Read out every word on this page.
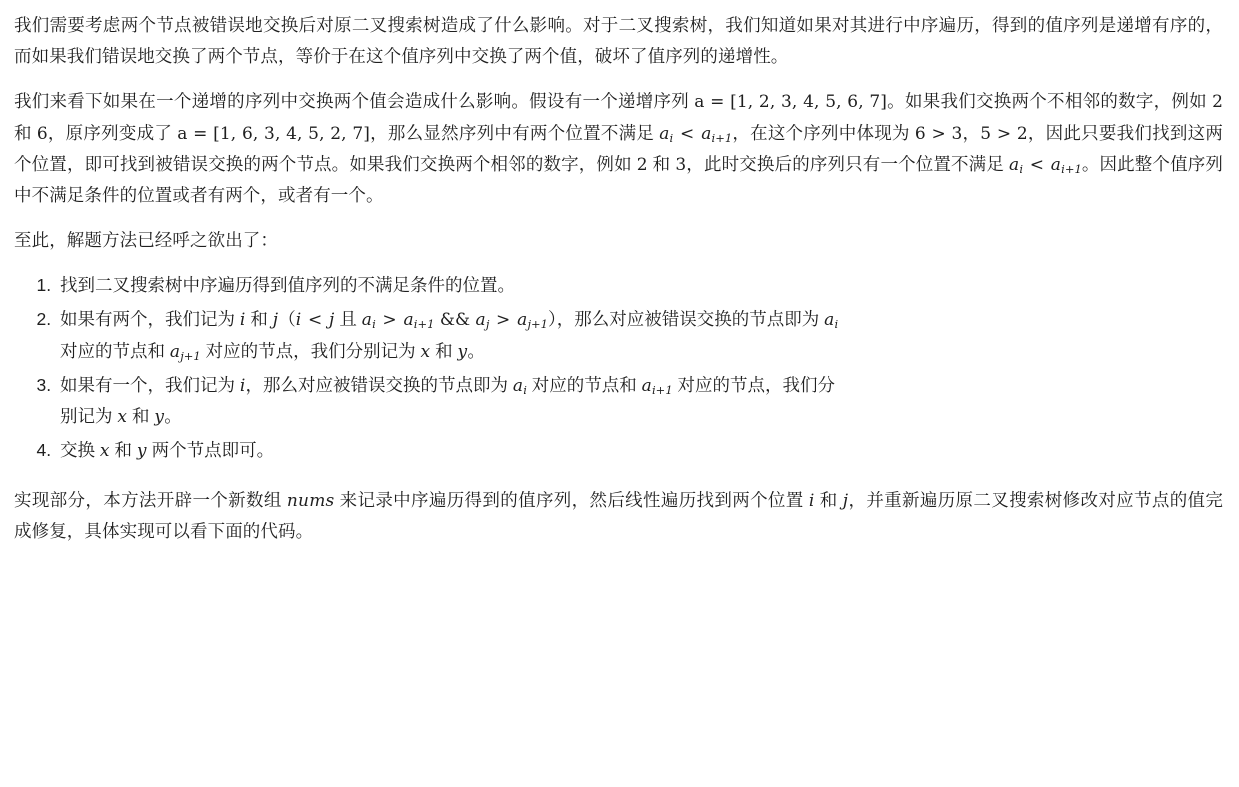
我们需要考虑两个节点被错误地交换后对原二叉搜索树造成了什么影响。对于二叉搜索树，我们知道如果对其进行中序遍历，得到的值序列是递增有序的，而如果我们错误地交换了两个节点，等价于在这个值序列中交换了两个值，破坏了值序列的递增性。

我们来看下如果在一个递增的序列中交换两个值会造成什么影响。假设有一个递增序列 a = [1, 2, 3, 4, 5, 6, 7]。如果我们交换两个不相邻的数字，例如 2 和 6，原序列变成了 a = [1, 6, 3, 4, 5, 2, 7]，那么显然序列中有两个位置不满足 $a_i < a_{i+1}$，在这个序列中体现为 6 > 3，5 > 2，因此只要我们找到这两个位置，即可找到被错误交换的两个节点。如果我们交换两个相邻的数字，例如 2 和 3，此时交换后的序列只有一个位置不满足 $a_i < a_{i+1}$。因此整个值序列中不满足条件的位置或者有两个，或者有一个。

至此，解题方法已经呼之欲出了：

1. 找到二叉搜索树中序遍历得到值序列的不满足条件的位置。
2. 如果有两个，我们记为 i 和 j（i < j 且 $a_i > a_{i+1}$ && $a_j > a_{j+1}$），那么对应被错误交换的节点即为 $a_i$
对应的节点和 $a_{j+1}$ 对应的节点，我们分别记为 x 和 y。
3. 如果有一个，我们记为 i，那么对应被错误交换的节点即为 $a_i$ 对应的节点和 $a_{i+1}$ 对应的节点，我们分
别记为 x 和 y。
4. 交换 x 和 y 两个节点即可。

实现部分，本方法开辟一个新数组 nums 来记录中序遍历得到的值序列，然后线性遍历找到两个位置 i 和 j，并重新遍历原二叉搜索树修改对应节点的值完成修复，具体实现可以看下面的代码。
